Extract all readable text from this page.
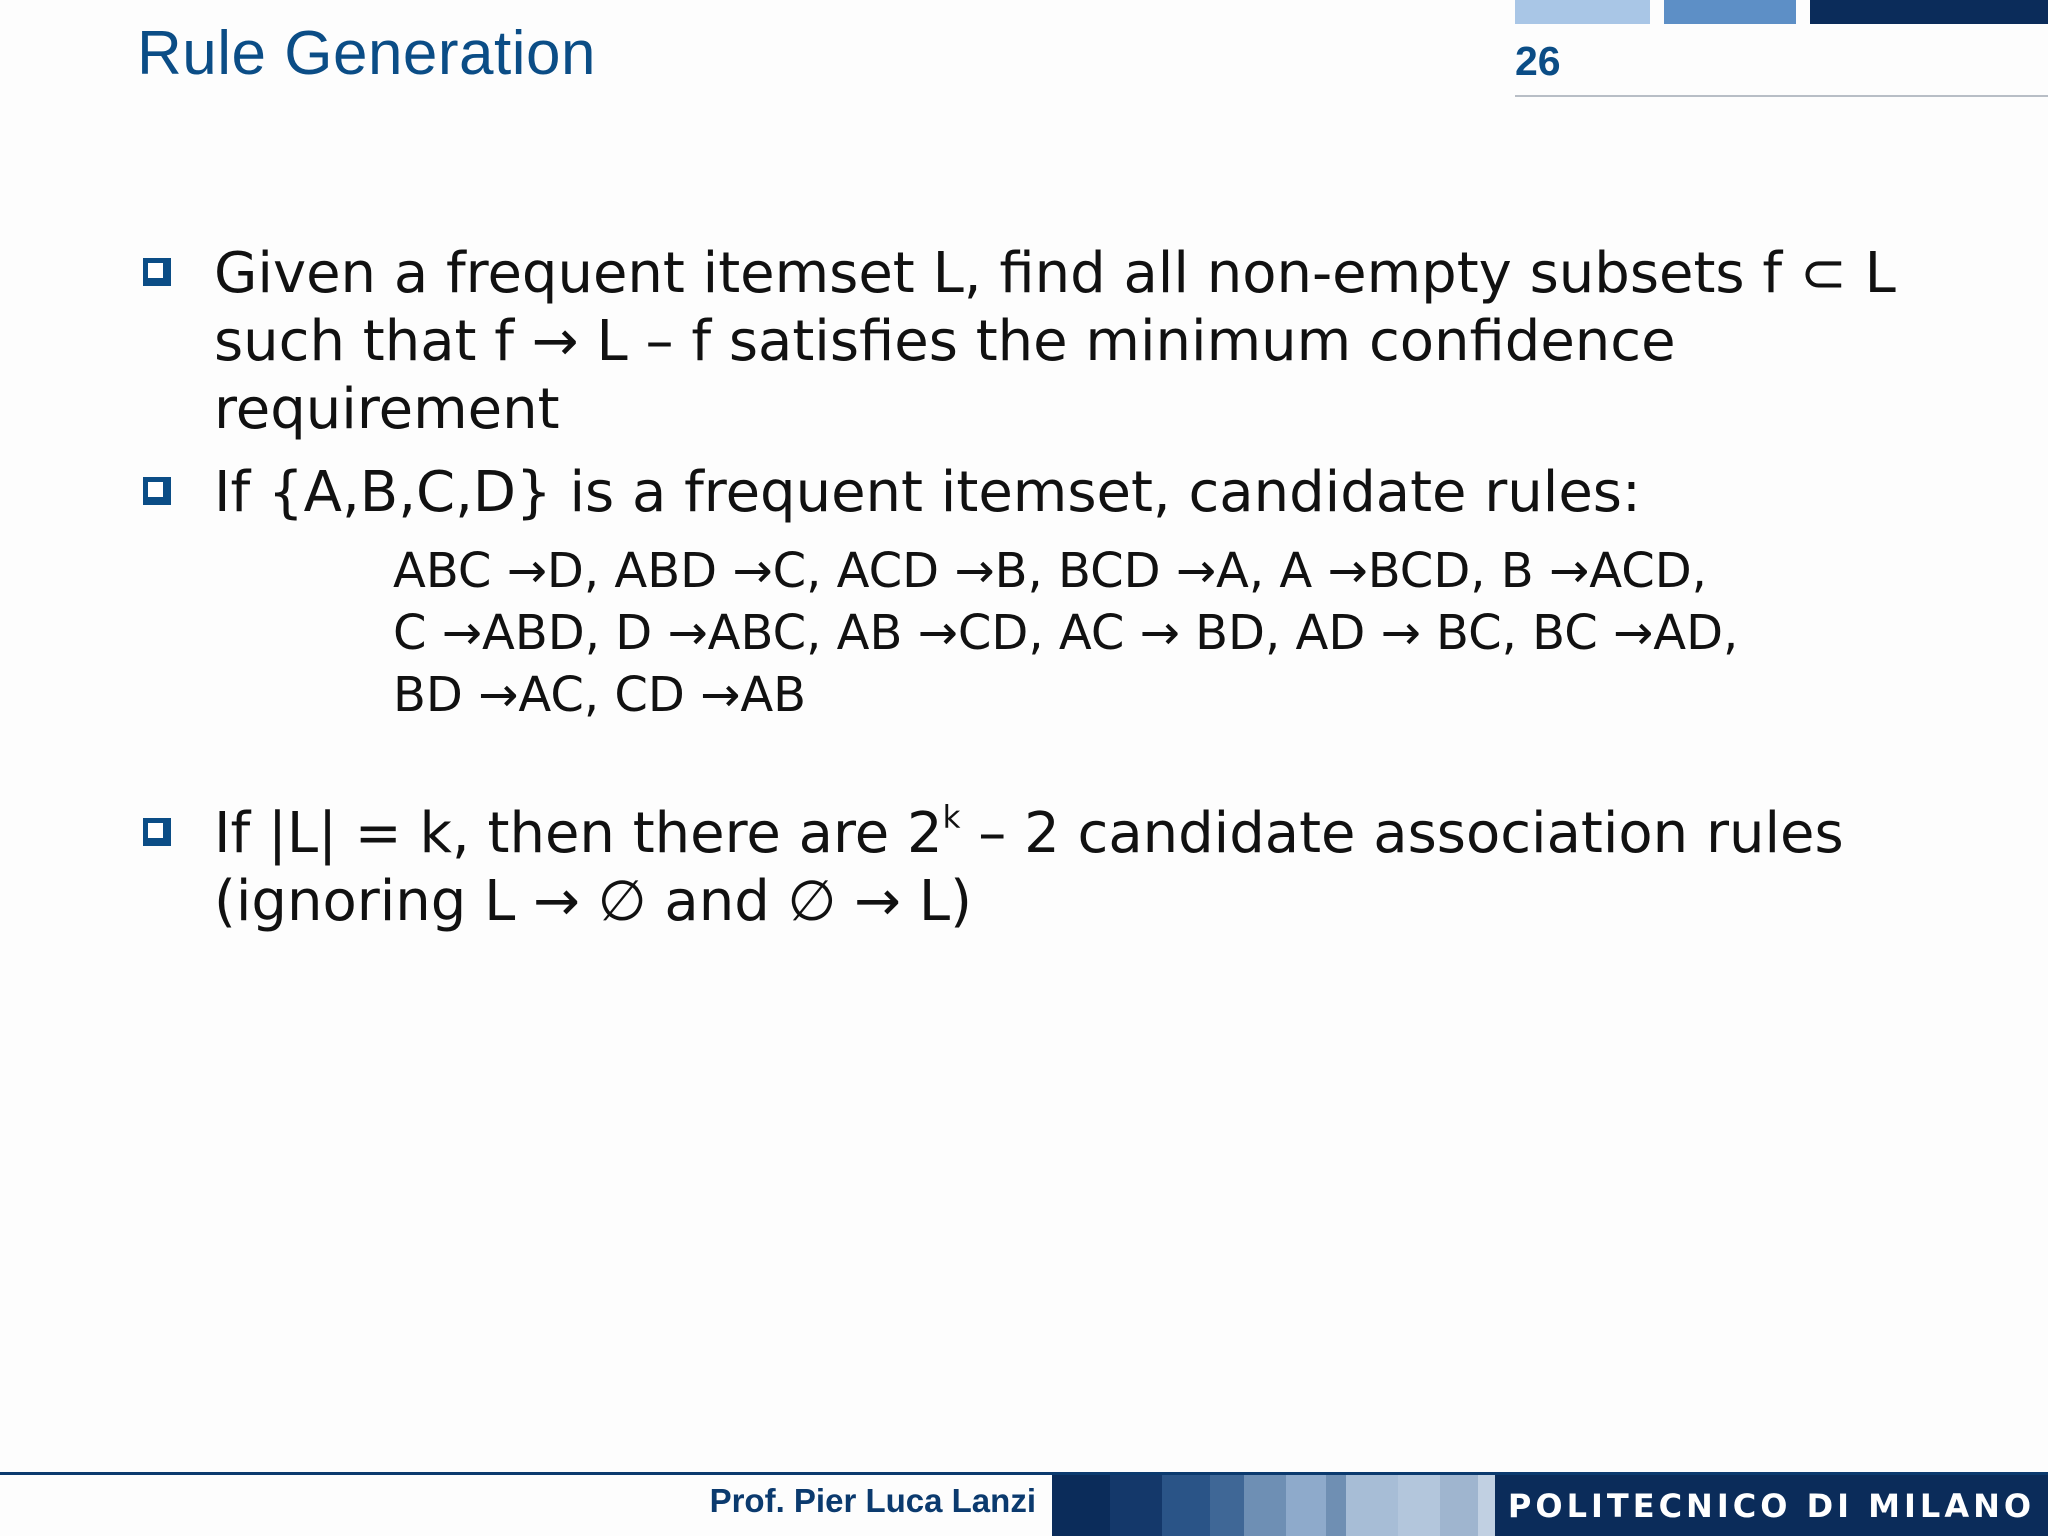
Rule Generation	26
Given a frequent itemset L, find all non-empty subsets f ⊂ L
such that f → L – f satisfies the minimum confidence
requirement
If {A,B,C,D} is a frequent itemset, candidate rules:
ABC →D, ABD →C, ACD →B, BCD →A, A →BCD, B →ACD,
C →ABD, D →ABC, AB →CD, AC → BD, AD → BC, BC →AD,
BD →AC, CD →AB
If |L| = k, then there are 2$^k$ – 2 candidate association rules
(ignoring L → ∅ and ∅ → L)
Prof. Pier Luca Lanzi	POLITECNICO DI MILANO
